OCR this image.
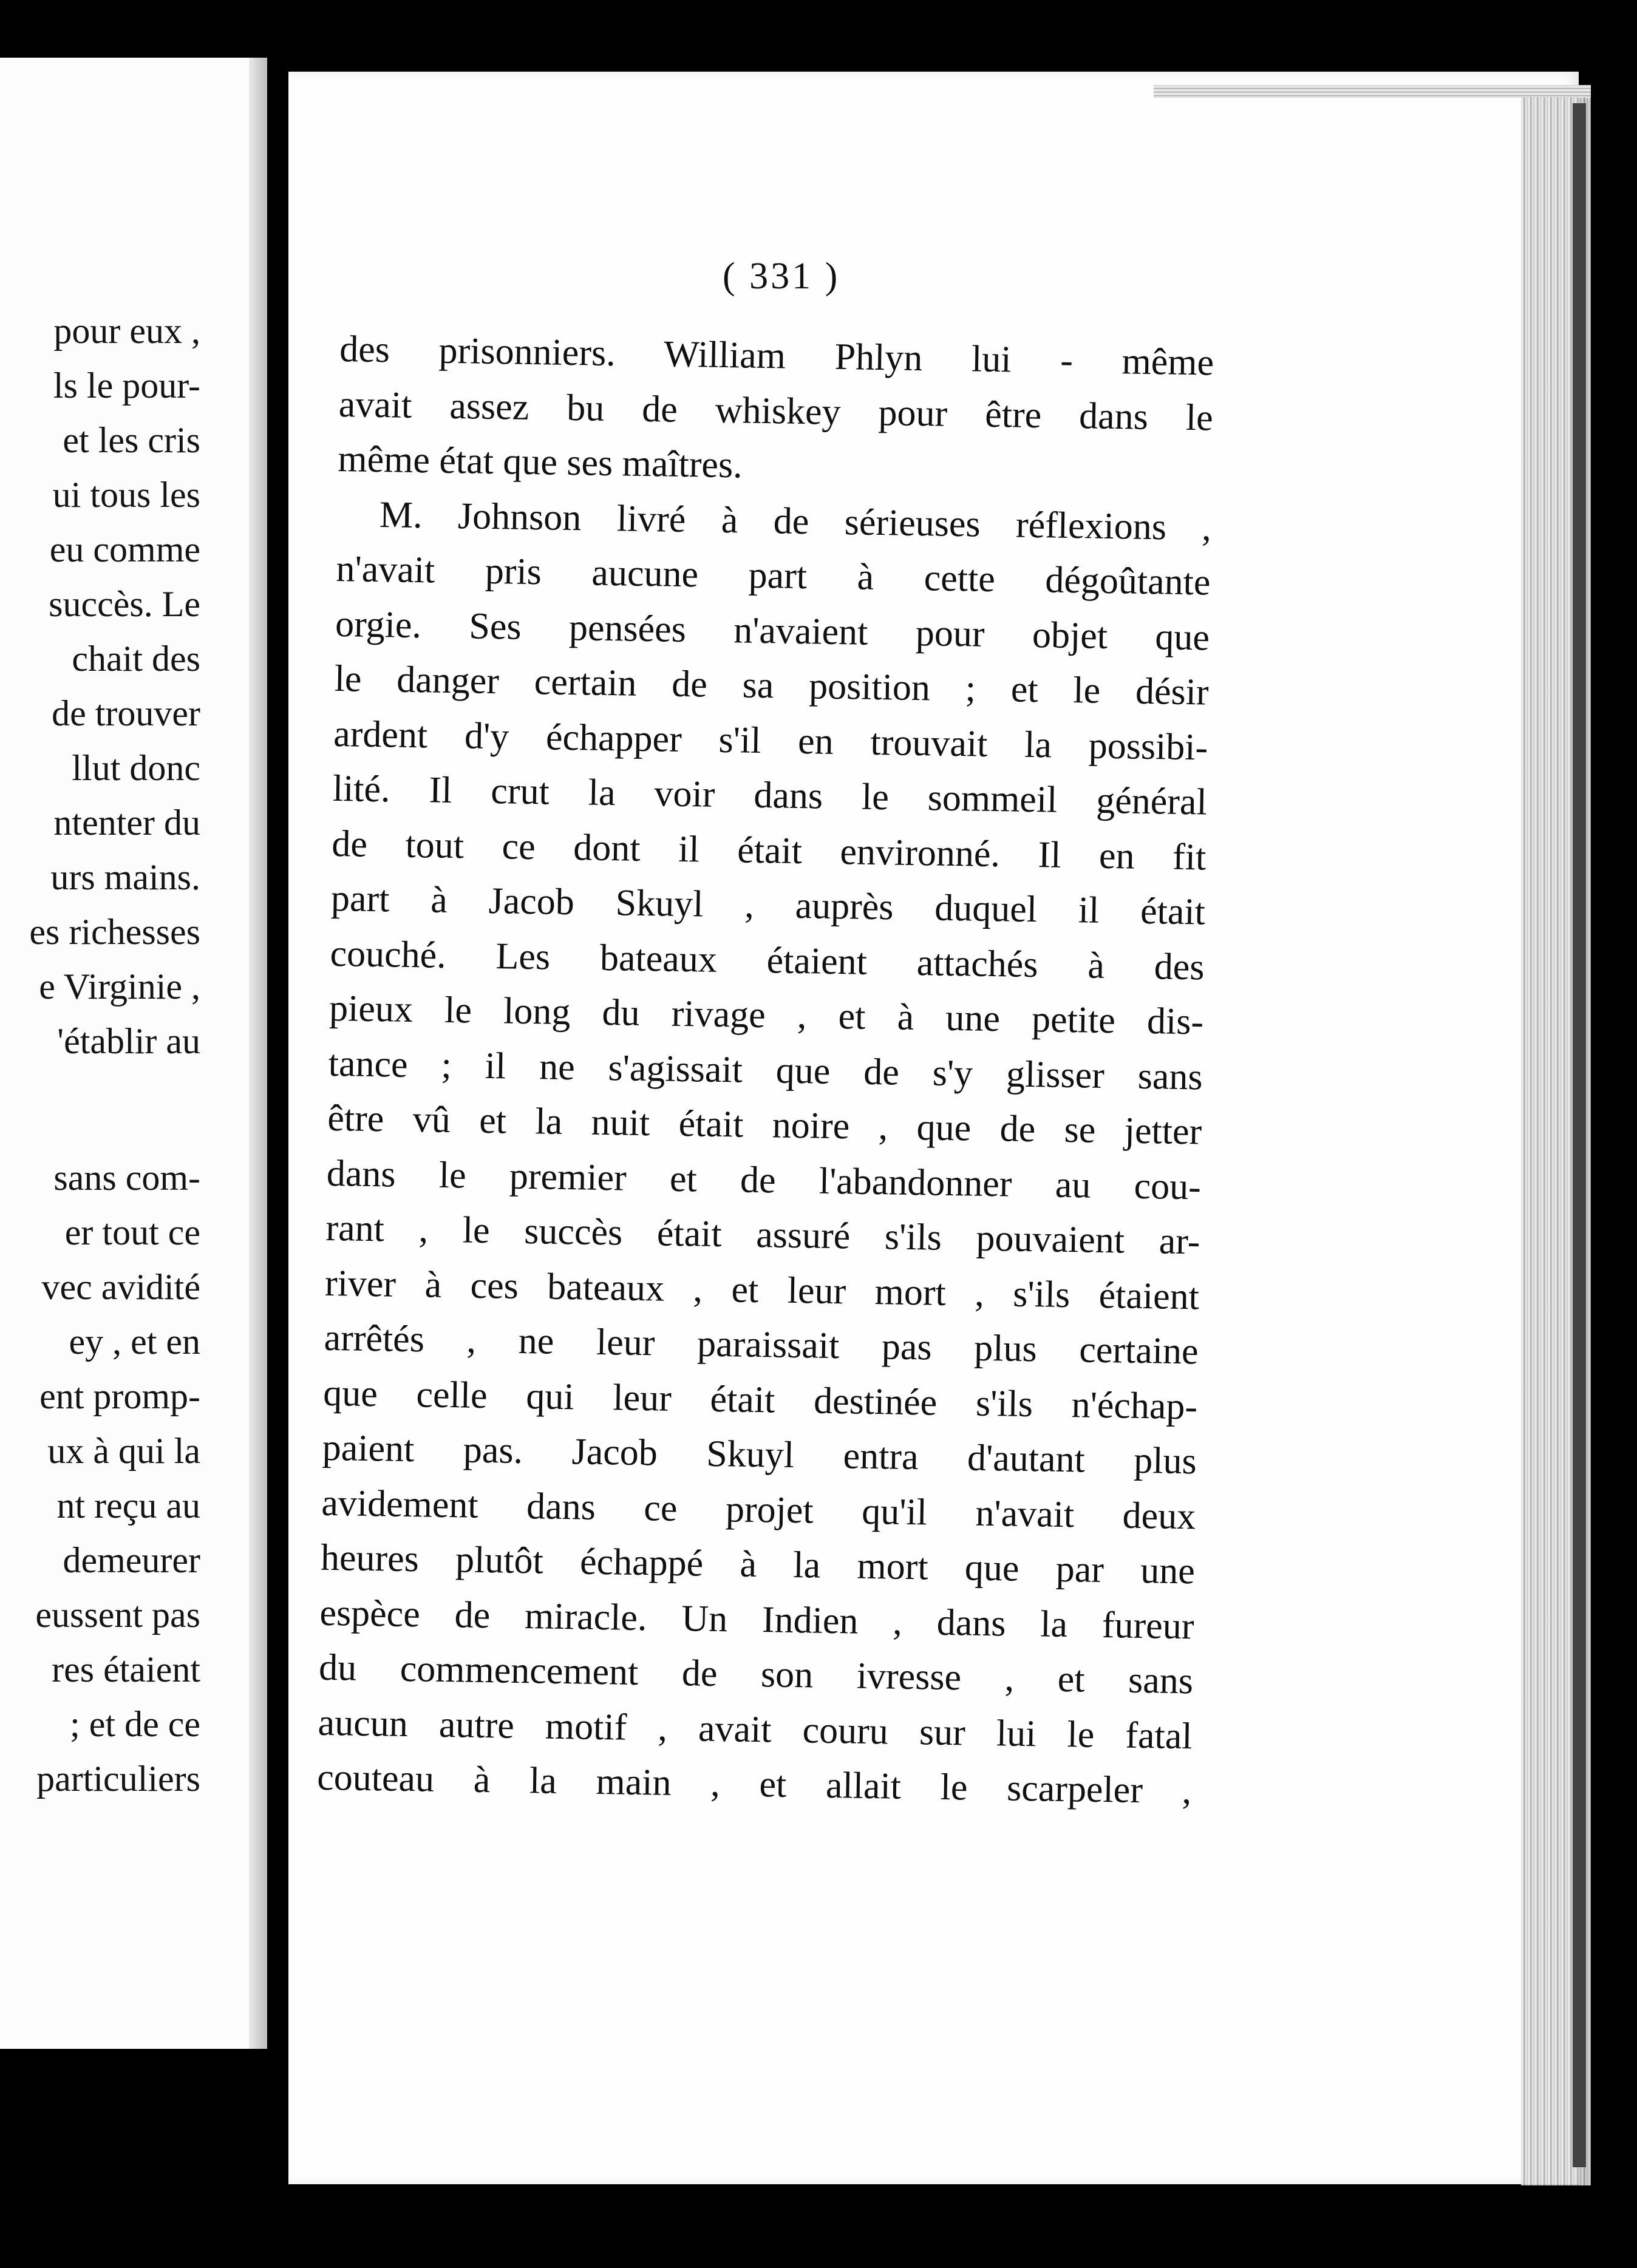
pour eux ,
ls le pour-
et les cris
ui tous les
eu comme
succès. Le
chait des
de trouver
llut donc
ntenter du
urs mains.
es richesses
e Virginie ,
'établir au
sans com-
er tout ce
vec avidité
ey , et en
ent promp-
ux à qui la
nt reçu au
demeurer
eussent pas
res étaient
; et de ce
particuliers
( 331 )
des prisonniers. William Phlyn lui - même
avait assez bu de whiskey pour être dans le
même état que ses maîtres.
M. Johnson livré à de sérieuses réflexions ,
n'avait pris aucune part à cette dégoûtante
orgie. Ses pensées n'avaient pour objet que
le danger certain de sa position ; et le désir
ardent d'y échapper s'il en trouvait la possibi-
lité. Il crut la voir dans le sommeil général
de tout ce dont il était environné. Il en fit
part à Jacob Skuyl , auprès duquel il était
couché. Les bateaux étaient attachés à des
pieux le long du rivage , et à une petite dis-
tance ; il ne s'agissait que de s'y glisser sans
être vû et la nuit était noire , que de se jetter
dans le premier et de l'abandonner au cou-
rant , le succès était assuré s'ils pouvaient ar-
river à ces bateaux , et leur mort , s'ils étaient
arrêtés , ne leur paraissait pas plus certaine
que celle qui leur était destinée s'ils n'échap-
paient pas. Jacob Skuyl entra d'autant plus
avidement dans ce projet qu'il n'avait deux
heures plutôt échappé à la mort que par une
espèce de miracle. Un Indien , dans la fureur
du commencement de son ivresse , et sans
aucun autre motif , avait couru sur lui le fatal
couteau à la main , et allait le scarpeler ,
